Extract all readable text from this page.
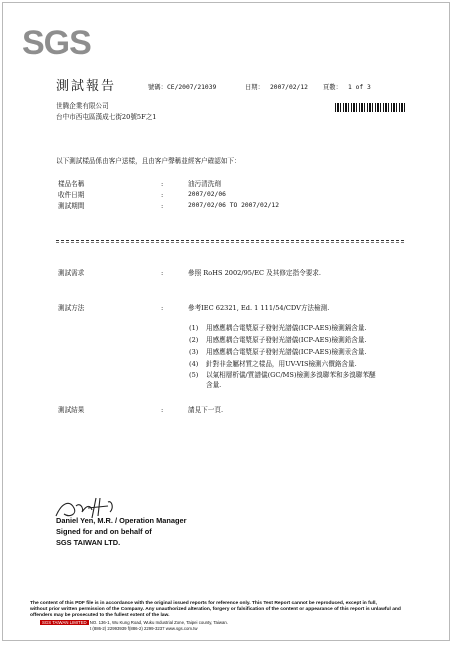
SGS
測試報告	號碼： CE/2007/21039	日期： 2007/02/12 頁數： 1 of 3
世腾企業有限公司
台中市西屯區漢成七街20號5F之1
以下測試樣品係由客户送樣，且由客户聲稱並經客户確認如下：
樣品名稱	:	油污清洗劑
收件日期	:	2007/02/06
測試期間	:	2007/02/06 TO 2007/02/12
測試需求	:	參照 RoHS 2002/95/EC 及其修定指令要求.
測試方法	:	參考IEC 62321, Ed. 1 111/54/CDV方法檢測.
(1) 用感應耦合電漿原子發射光譜儀(ICP-AES)檢測鎘含量.
(2) 用感應耦合電漿原子發射光譜儀(ICP-AES)檢測鉛含量.
(3) 用感應耦合電漿原子發射光譜儀(ICP-AES)檢測汞含量.
(4) 針對非金屬材質之樣品，用UV-VIS檢測六價鉻含量.
(5) 以氣相層析儀/質譜儀(GC/MS)檢測多溴聯苯和多溴聯苯醚
含量.
測試結果	:	請見下一頁.
Daniel Yen, M.R. / Operation Manager
Signed for and on behalf of
SGS TAIWAN LTD.
The content of this PDF file is in accordance with the original issued reports for reference only. This Test Report cannot be reproduced, except in full,
without prior written permission of the Company. Any unauthorized alteration, forgery or falsification of the content or appearance of this report is unlawful and
offenders may be prosecuted to the fullest extent of the law.
SGS TAIWAN LIMITED NO. 136-1, Wu Kung Road, Wuku Industrial Zone, Taipei county, Taiwan.
t (886-2) 22993939 f(886-2) 2299-3237 www.sgs.com.tw
